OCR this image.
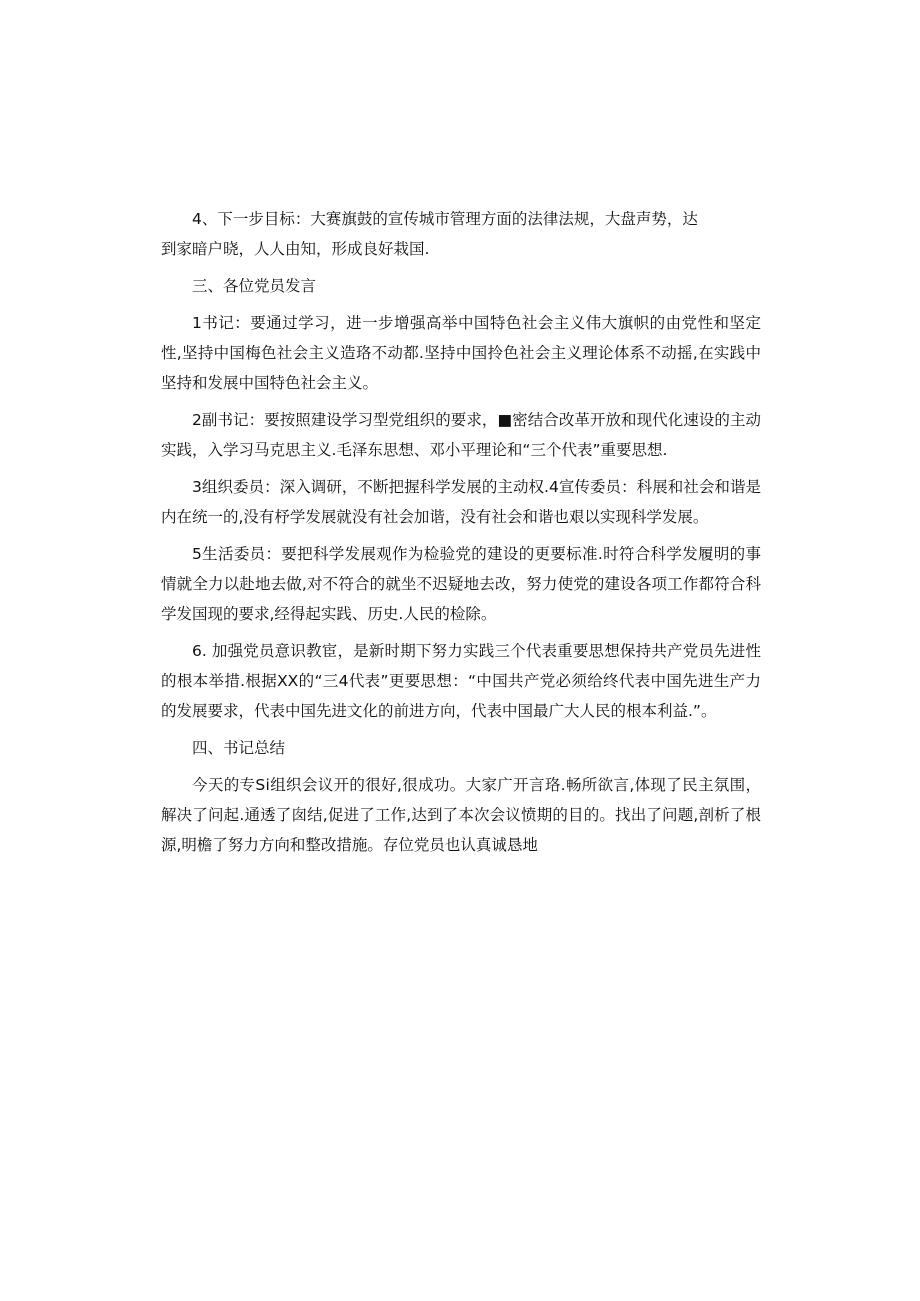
4、下一步目标：大赛旗鼓的宣传城市管理方面的法律法规，大盘声势，达
到家暗户晓，人人由知，形成良好栽国.

三、各位党员发言

1书记：要通过学习，进一步增强高举中国特色社会主义伟大旗帜的由党性和坚定性,坚持中国梅色社会主义造珞不动都.坚持中国拎色社会主义理论体系不动摇,在实践中坚持和发展中国特色社会主义。

2副书记：要按照建设学习型党组织的要求，■密结合改革开放和现代化速设的主动实践，入学习马克思主义.毛泽东思想、邓小平理论和“三个代表”重要思想.

3组织委员：深入调研，不断把握科学发展的主动权.4宣传委员：科展和社会和谐是内在统一的,没有杼学发展就没有社会加谐，没有社会和谐也艰以实现科学发展。

5生活委员：要把科学发展观作为检验党的建设的更要标准.时符合科学发履明的事情就全力以赴地去做,对不符合的就坐不迟疑地去改，努力使党的建设各项工作都符合科学发国现的要求,经得起实践、历史.人民的检除。

6. 加强党员意识教宦，是新时期下努力实践三个代表重要思想保持共产党员先进性的根本举措.根据XX的“三4代表”更要思想：“中国共产党必须给终代表中国先进生产力的发展要求，代表中国先进文化的前进方向，代表中国最广大人民的根本利益.”。

四、书记总结

今天的专Sⅰ组织会议开的很好,很成功。大家广开言珞.畅所欲言,体现了民主氛围，解决了问起.通透了囱结,促进了工作,达到了本次会议愤期的目的。找出了问题,剖析了根源,明檐了努力方向和整改措施。存位党员也认真诚恳地
